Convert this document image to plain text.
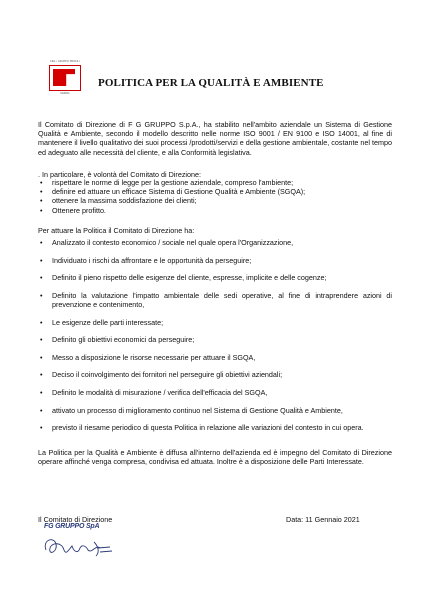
F&G • GRUPPO PROFILI
MARINA
POLITICA PER LA QUALITÀ E AMBIENTE
Il Comitato di Direzione di F G GRUPPO S.p.A., ha stabilito nell'ambito aziendale un Sistema di Gestione Qualità e Ambiente, secondo il modello descritto nelle norme ISO 9001 / EN 9100 e ISO 14001, al fine di mantenere il livello qualitativo dei suoi processi /prodotti/servizi e della gestione ambientale, costante nel tempo ed adeguato alle necessità del cliente, e alla Conformità legislativa.
. In particolare, è volontà del Comitato di Direzione:
• rispettare le norme di legge per la gestione aziendale, compreso l'ambiente;
• definire ed attuare un efficace Sistema di Gestione Qualità e Ambiente (SGQA);
• ottenere la massima soddisfazione dei clienti;
• Ottenere profitto.
Per attuare la Politica il Comitato di Direzione ha:
• Analizzato il contesto economico / sociale nel quale opera l'Organizzazione,
• Individuato i rischi da affrontare e le opportunità da perseguire;
• Definito il pieno rispetto delle esigenze del cliente, espresse, implicite e delle cogenze;
• Definito la valutazione l'impatto ambientale delle sedi operative, al fine di intraprendere azioni di prevenzione e contenimento,
• Le esigenze delle parti interessate;
• Definito gli obiettivi economici da perseguire;
• Messo a disposizione le risorse necessarie per attuare il SGQA,
• Deciso il coinvolgimento dei fornitori nel perseguire gli obiettivi aziendali;
• Definito le modalità di misurazione / verifica dell'efficacia del SGQA,
• attivato un processo di miglioramento continuo nel Sistema di Gestione Qualità e Ambiente,
• previsto il riesame periodico di questa Politica in relazione alle variazioni del contesto in cui opera.
La Politica per la Qualità e Ambiente è diffusa all'interno dell'azienda ed è impegno del Comitato di Direzione operare affinché venga compresa, condivisa ed attuata. Inoltre è a disposizione delle Parti Interessate.
Il Comitato di Direzione	Data: 11 Gennaio 2021
FG GRUPPO SpA
